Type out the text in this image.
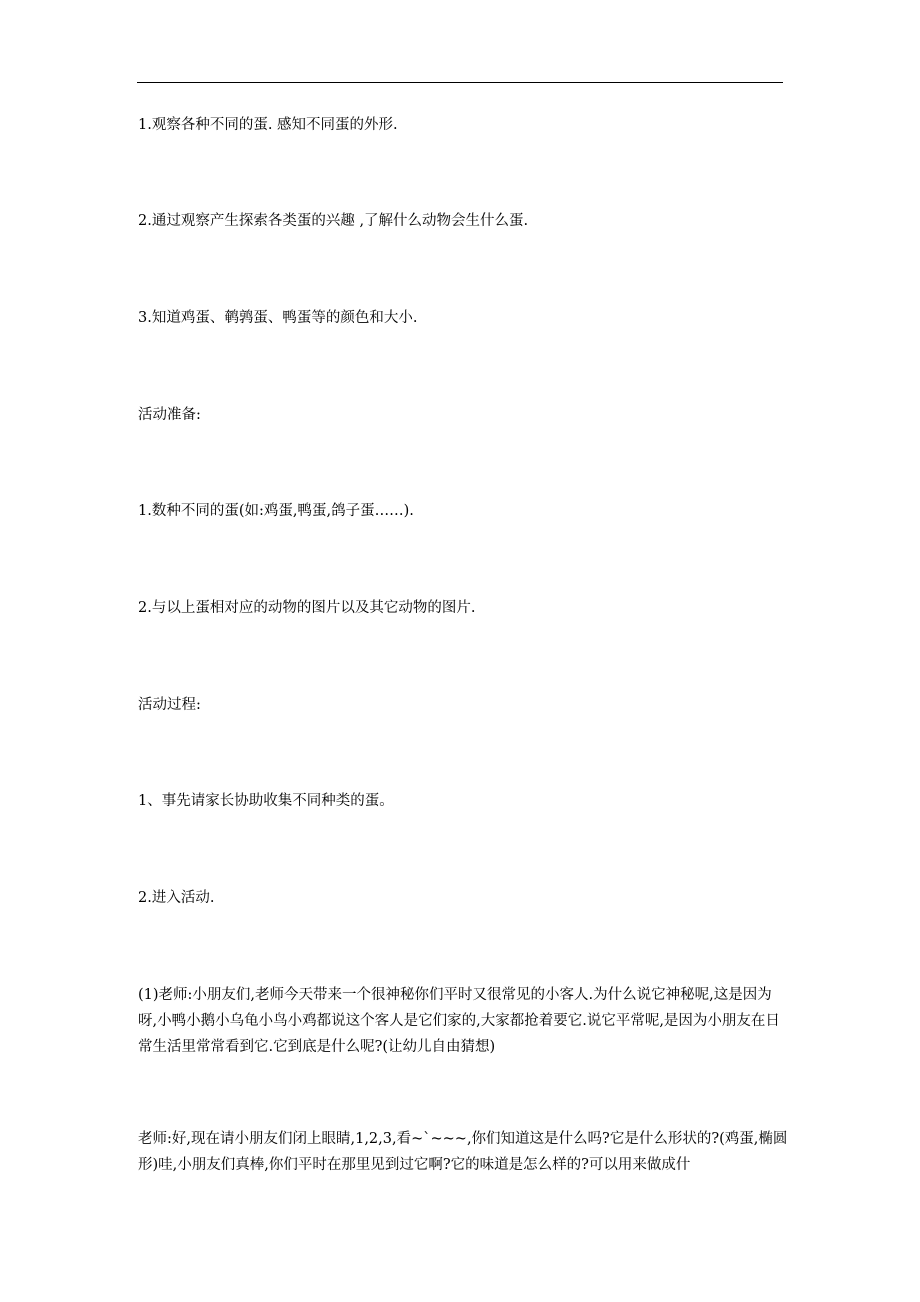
1.观察各种不同的蛋. 感知不同蛋的外形.

2.通过观察产生探索各类蛋的兴趣 ,了解什么动物会生什么蛋.

3.知道鸡蛋、鹌鹑蛋、鸭蛋等的颜色和大小.

活动准备:

1.数种不同的蛋(如:鸡蛋,鸭蛋,鸽子蛋……).

2.与以上蛋相对应的动物的图片以及其它动物的图片.

活动过程:

1、事先请家长协助收集不同种类的蛋。

2.进入活动.

(1)老师:小朋友们,老师今天带来一个很神秘你们平时又很常见的小客人.为什么说它神秘呢,这是因为呀,小鸭小鹅小乌龟小鸟小鸡都说这个客人是它们家的,大家都抢着要它.说它平常呢,是因为小朋友在日常生活里常常看到它.它到底是什么呢?(让幼儿自由猜想)

老师:好,现在请小朋友们闭上眼睛,1,2,3,看~`~~~,你们知道这是什么吗?它是什么形状的?(鸡蛋,椭圆形)哇,小朋友们真棒,你们平时在那里见到过它啊?它的味道是怎么样的?可以用来做成什
